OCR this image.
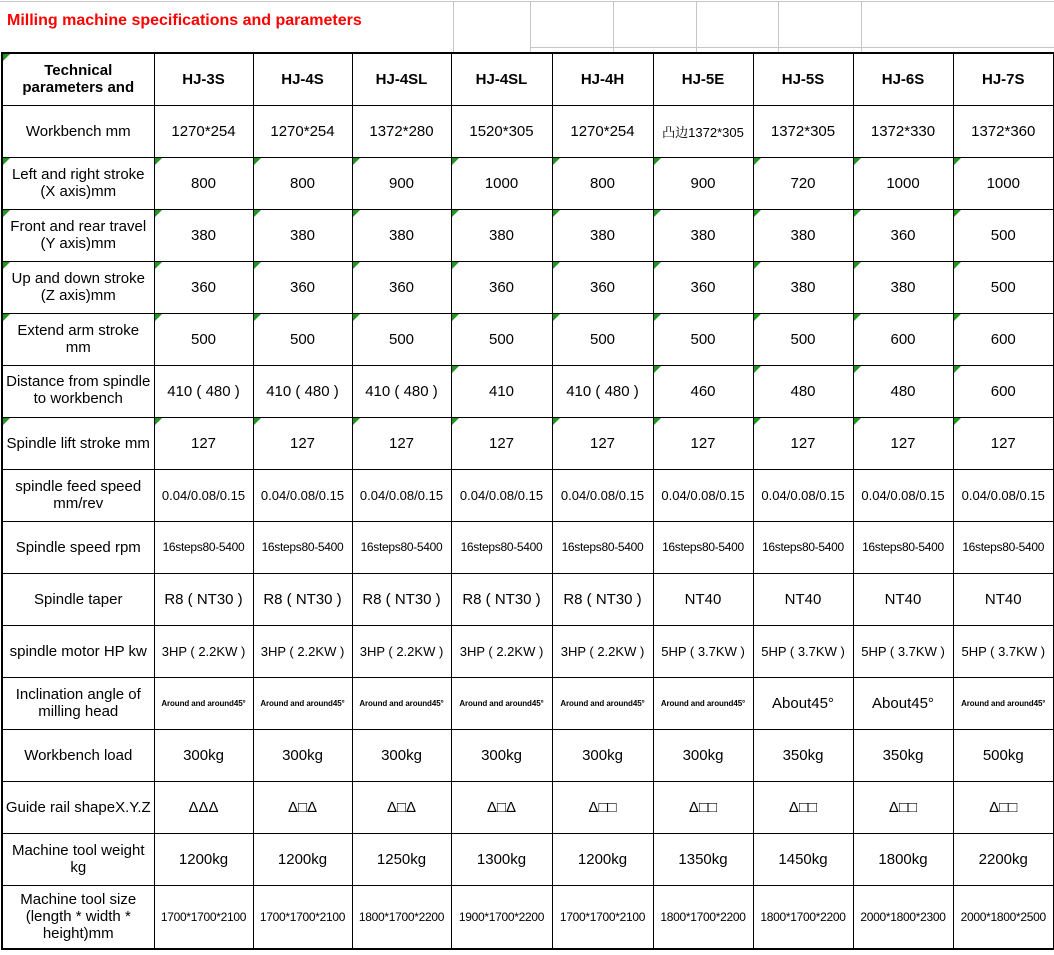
Milling machine specifications and parameters
Technical parameters and	HJ-3S	HJ-4S	HJ-4SL	HJ-4SL	HJ-4H	HJ-5E	HJ-5S	HJ-6S	HJ-7S
Workbench mm	1270*254	1270*254	1372*280	1520*305	1270*254	凸边1372*305	1372*305	1372*330	1372*360
Left and right stroke (X axis)mm	800	800	900	1000	800	900	720	1000	1000

Front and rear travel (Y axis)mm	380	380	380	380	380	380	380	360	500

Up and down stroke (Z axis)mm	360	360	360	360	360	360	380	380	500

Extend arm stroke mm	500	500	500	500	500	500	500	600	600

Distance from spindle to workbench	410 ( 480 )	410 ( 480 )	410 ( 480 )	410	410 ( 480 )	460	480	480	600

Spindle lift stroke mm	127	127	127	127	127	127	127	127	127

spindle feed speed mm/rev	0.04/0.08/0.15	0.04/0.08/0.15	0.04/0.08/0.15	0.04/0.08/0.15	0.04/0.08/0.15	0.04/0.08/0.15	0.04/0.08/0.15	0.04/0.08/0.15	0.04/0.08/0.15
Spindle speed rpm	16steps80-5400	16steps80-5400	16steps80-5400	16steps80-5400	16steps80-5400	16steps80-5400	16steps80-5400	16steps80-5400	16steps80-5400
Spindle taper	R8 ( NT30 )	R8 ( NT30 )	R8 ( NT30 )	R8 ( NT30 )	R8 ( NT30 )	NT40	NT40	NT40	NT40
spindle motor HP kw	3HP ( 2.2KW )	3HP ( 2.2KW )	3HP ( 2.2KW )	3HP ( 2.2KW )	3HP ( 2.2KW )	5HP ( 3.7KW )	5HP ( 3.7KW )	5HP ( 3.7KW )	5HP ( 3.7KW )
Inclination angle of milling head	Around and around45°	Around and around45°	Around and around45°	Around and around45°	Around and around45°	Around and around45°	About45°	About45°	Around and around45°
Workbench load	300kg	300kg	300kg	300kg	300kg	300kg	350kg	350kg	500kg
Guide rail shapeX.Y.Z	ΔΔΔ	Δ□Δ	Δ□Δ	Δ□Δ	Δ□□	Δ□□	Δ□□	Δ□□	Δ□□
Machine tool weight kg	1200kg	1200kg	1250kg	1300kg	1200kg	1350kg	1450kg	1800kg	2200kg
Machine tool size (length * width * height)mm	1700*1700*2100	1700*1700*2100	1800*1700*2200	1900*1700*2200	1700*1700*2100	1800*1700*2200	1800*1700*2200	2000*1800*2300	2000*1800*2500
